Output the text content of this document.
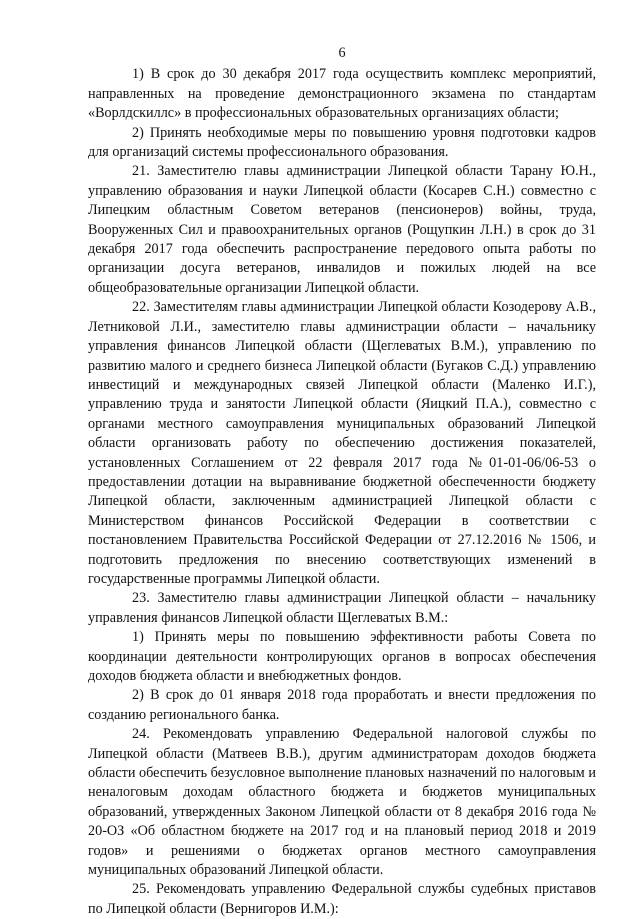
6

1) В срок до 30 декабря 2017 года осуществить комплекс мероприятий, направленных на проведение демонстрационного экзамена по стандартам «Ворлдскиллс» в профессиональных образовательных организациях области;

2) Принять необходимые меры по повышению уровня подготовки кадров для организаций системы профессионального образования.

21. Заместителю главы администрации Липецкой области Тарану Ю.Н., управлению образования и науки Липецкой области (Косарев С.Н.) совместно с Липецким областным Советом ветеранов (пенсионеров) войны, труда, Вооруженных Сил и правоохранительных органов (Рощупкин Л.Н.) в срок до 31 декабря 2017 года обеспечить распространение передового опыта работы по организации досуга ветеранов, инвалидов и пожилых людей на все общеобразовательные организации Липецкой области.

22. Заместителям главы администрации Липецкой области Козодерову А.В., Летниковой Л.И., заместителю главы администрации области – начальнику управления финансов Липецкой области (Щеглеватых В.М.), управлению по развитию малого и среднего бизнеса Липецкой области (Бугаков С.Д.) управлению инвестиций и международных связей Липецкой области (Маленко И.Г.), управлению труда и занятости Липецкой области (Яицкий П.А.), совместно с органами местного самоуправления муниципальных образований Липецкой области организовать работу по обеспечению достижения показателей, установленных Соглашением от 22 февраля 2017 года №01-01-06/06-53 о предоставлении дотации на выравнивание бюджетной обеспеченности бюджету Липецкой области, заключенным администрацией Липецкой области с Министерством финансов Российской Федерации в соответствии с постановлением Правительства Российской Федерации от 27.12.2016 № 1506, и подготовить предложения по внесению соответствующих изменений в государственные программы Липецкой области.

23. Заместителю главы администрации Липецкой области – начальнику управления финансов Липецкой области Щеглеватых В.М.:

1) Принять меры по повышению эффективности работы Совета по координации деятельности контролирующих органов в вопросах обеспечения доходов бюджета области и внебюджетных фондов.

2) В срок до 01 января 2018 года проработать и внести предложения по созданию регионального банка.

24. Рекомендовать управлению Федеральной налоговой службы по Липецкой области (Матвеев В.В.), другим администраторам доходов бюджета области обеспечить безусловное выполнение плановых назначений по налоговым и неналоговым доходам областного бюджета и бюджетов муниципальных образований, утвержденных Законом Липецкой области от 8 декабря 2016 года № 20-ОЗ «Об областном бюджете на 2017 год и на плановый период 2018 и 2019 годов» и решениями о бюджетах органов местного самоуправления муниципальных образований Липецкой области.

25. Рекомендовать управлению Федеральной службы судебных приставов по Липецкой области (Вернигоров И.М.):
